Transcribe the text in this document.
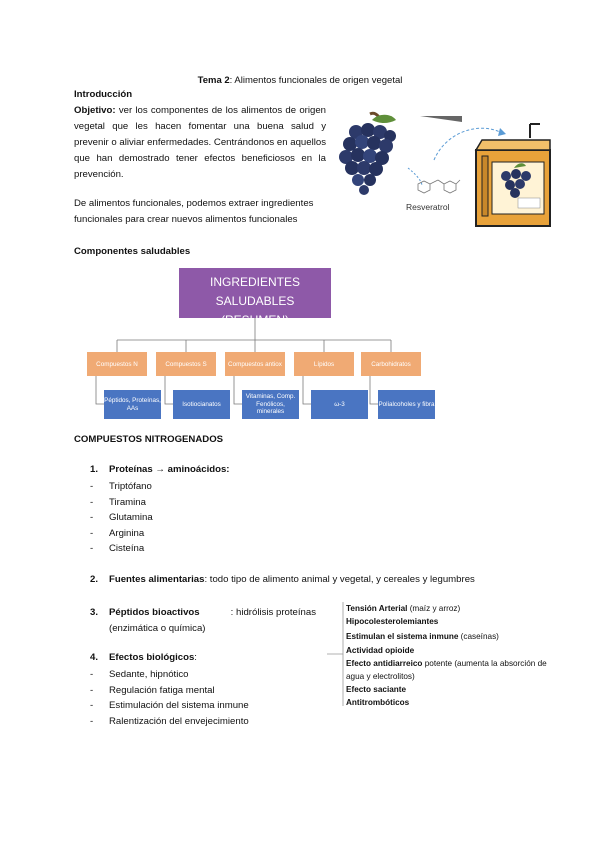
Tema 2: Alimentos funcionales de origen vegetal
Introducción
Objetivo: ver los componentes de los alimentos de origen vegetal que les hacen fomentar una buena salud y prevenir o aliviar enfermedades. Centrándonos en aquellos que han demostrado tener efectos beneficiosos en la prevención.
De alimentos funcionales, podemos extraer ingredientes funcionales para crear nuevos alimentos funcionales
Resveratrol
Componentes saludables
INGREDIENTES SALUDABLES
(RESUMEN)
Compuestos N	Compuestos S	Compuestos antiox	Lípidos	Carbohidratos
Péptidos, Proteínas, AAs
Isotiocianatos
Vitaminas, Comp. Fenólicos, minerales
ω-3	Polialcoholes y fibra
COMPUESTOS NITROGENADOS
1. Proteínas → aminoácidos:
- Triptófano
- Tiramina
- Glutamina
- Arginina
- Cisteína
2. Fuentes alimentarias: todo tipo de alimento animal y vegetal, y cereales y legumbres
3.	Péptidos bioactivos	: hidrólisis proteínas
(enzimática o química)
4. Efectos biológicos:
- Sedante, hipnótico
- Regulación fatiga mental
- Estimulación del sistema inmune
- Ralentización del envejecimiento
Tensión Arterial (maíz y arroz)
Hipocolesterolemiantes
Estimulan el sistema inmune (caseínas)
Actividad opioide
Efecto antidiarreico potente (aumenta la absorción de
agua y electrolitos)
Efecto saciante
Antitrombóticos
